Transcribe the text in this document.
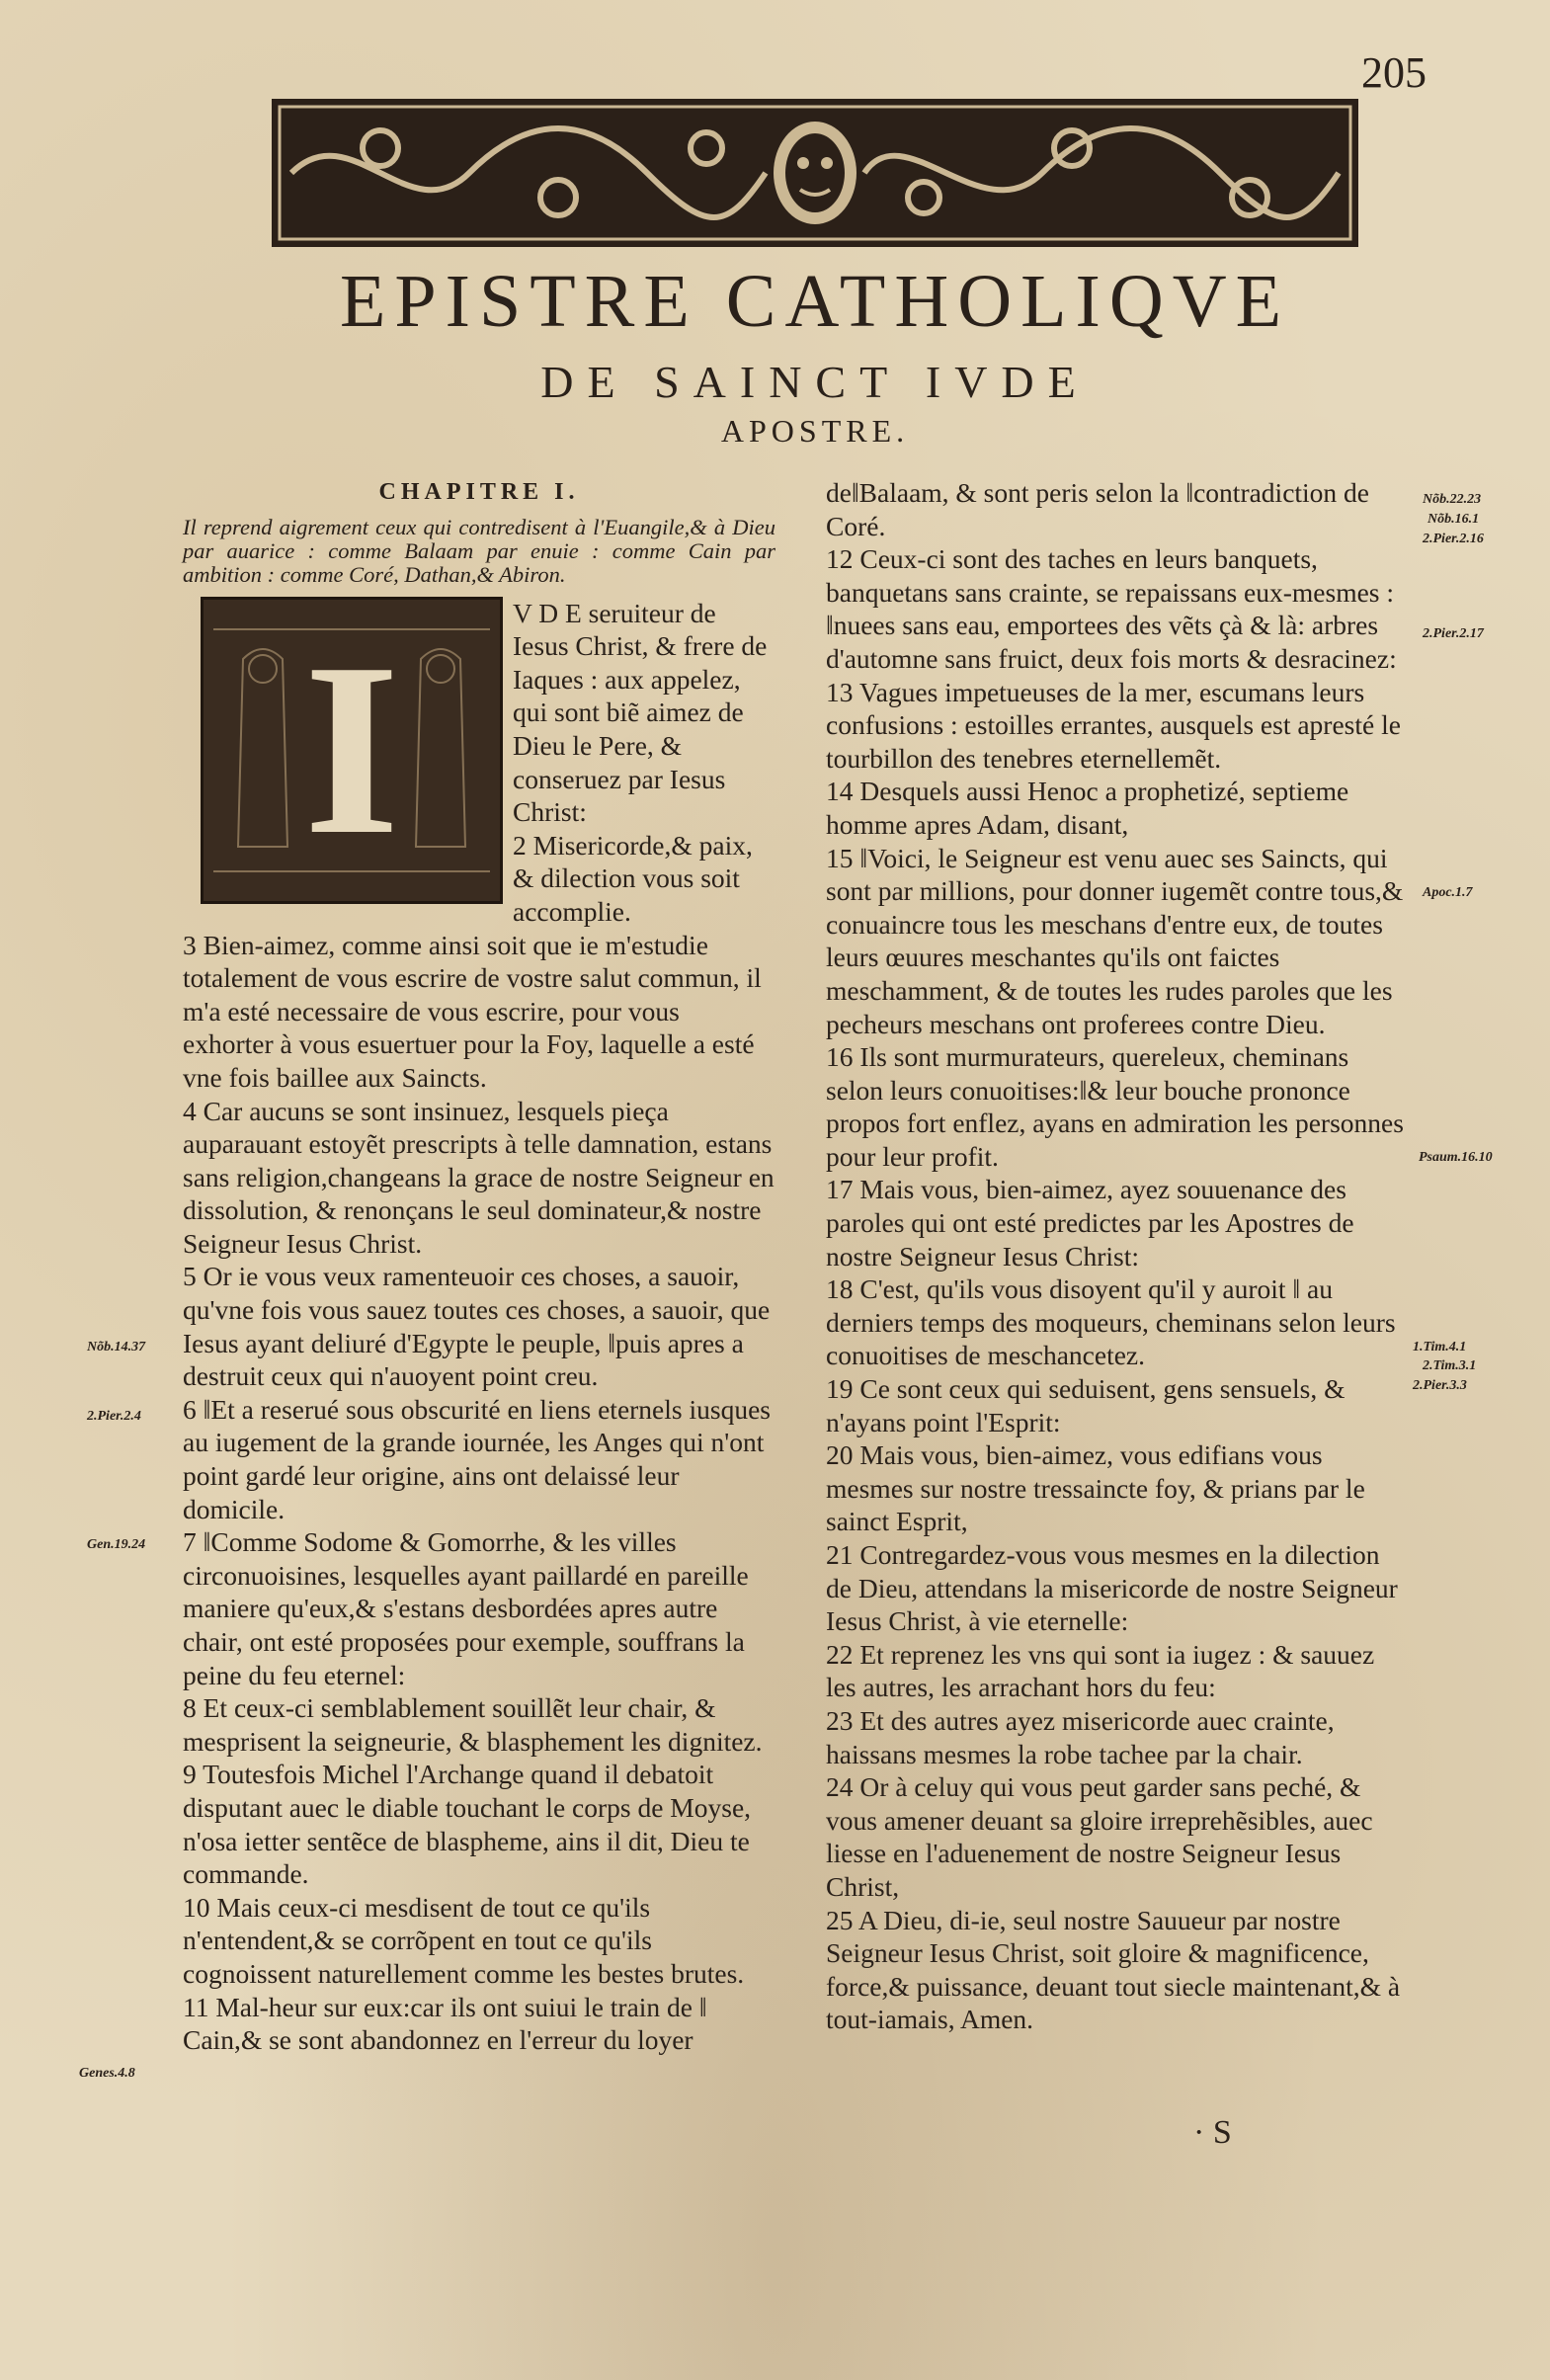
205
EPISTRE CATHOLIQVE
DE SAINCT IVDE
APOSTRE.

CHAPITRE I.

Il reprend aigrement ceux qui contredisent à l'Euangile,& à Dieu par auarice : comme Balaam par enuie : comme Cain par ambition : comme Coré, Dathan,& Abiron.

I	V D E seruiteur de Iesus Christ, & frere de Iaques : aux appelez, qui sont biẽ aimez de Dieu le Pere, & conseruez par Iesus Christ:

2 Misericorde,& paix, & dilection vous soit accomplie.

3 Bien-aimez, comme ainsi soit que ie m'estudie totalement de vous escrire de vostre salut commun, il m'a esté necessaire de vous escrire, pour vous exhorter à vous esuertuer pour la Foy, laquelle a esté vne fois baillee aux Saincts.

4 Car aucuns se sont insinuez, lesquels pieça auparauant estoyẽt prescripts à telle damnation, estans sans religion,changeans la grace de nostre Seigneur en dissolution, & renonçans le seul dominateur,& nostre Seigneur Iesus Christ.

5 Or ie vous veux ramenteuoir ces choses, a sauoir, qu'vne fois vous sauez toutes ces choses, a sauoir, que Iesus ayant deliuré d'Egypte le peuple, ‖puis apres a destruit ceux qui n'auoyent point creu.

6 ‖Et a reserué sous obscurité en liens eternels iusques au iugement de la grande iournée, les Anges qui n'ont point gardé leur origine, ains ont delaissé leur domicile.

7 ‖Comme Sodome & Gomorrhe, & les villes circonuoisines, lesquelles ayant paillardé en pareille maniere qu'eux,& s'estans desbordées apres autre chair, ont esté proposées pour exemple, souffrans la peine du feu eternel:

8 Et ceux-ci semblablement souillẽt leur chair, & mesprisent la seigneurie, & blasphement les dignitez.

9 Toutesfois Michel l'Archange quand il debatoit disputant auec le diable touchant le corps de Moyse, n'osa ietter sentẽce de blaspheme, ains il dit, Dieu te commande.

10 Mais ceux-ci mesdisent de tout ce qu'ils n'entendent,& se corrõpent en tout ce qu'ils cognoissent naturellement comme les bestes brutes.

11 Mal-heur sur eux:car ils ont suiui le train de ‖ Cain,& se sont abandonnez en l'erreur du loyer

de‖Balaam, & sont peris selon la ‖contradiction de Coré.

12 Ceux-ci sont des taches en leurs banquets, banquetans sans crainte, se repaissans eux-mesmes : ‖nuees sans eau, emportees des vẽts çà & là: arbres d'automne sans fruict, deux fois morts & desracinez:

13 Vagues impetueuses de la mer, escumans leurs confusions : estoilles errantes, ausquels est apresté le tourbillon des tenebres eternellemẽt.

14 Desquels aussi Henoc a prophetizé, septieme homme apres Adam, disant,

15 ‖Voici, le Seigneur est venu auec ses Saincts, qui sont par millions, pour donner iugemẽt contre tous,& conuaincre tous les meschans d'entre eux, de toutes leurs œuures meschantes qu'ils ont faictes meschamment, & de toutes les rudes paroles que les pecheurs meschans ont proferees contre Dieu.

16 Ils sont murmurateurs, quereleux, cheminans selon leurs conuoitises:‖& leur bouche prononce propos fort enflez, ayans en admiration les personnes pour leur profit.

17 Mais vous, bien-aimez, ayez souuenance des paroles qui ont esté predictes par les Apostres de nostre Seigneur Iesus Christ:

18 C'est, qu'ils vous disoyent qu'il y auroit ‖ au derniers temps des moqueurs, cheminans selon leurs conuoitises de meschancetez.

19 Ce sont ceux qui seduisent, gens sensuels, & n'ayans point l'Esprit:

20 Mais vous, bien-aimez, vous edifians vous mesmes sur nostre tressaincte foy, & prians par le sainct Esprit,

21 Contregardez-vous vous mesmes en la dilection de Dieu, attendans la misericorde de nostre Seigneur Iesus Christ, à vie eternelle:

22 Et reprenez les vns qui sont ia iugez : & sauuez les autres, les arrachant hors du feu:

23 Et des autres ayez misericorde auec crainte, haissans mesmes la robe tachee par la chair.

24 Or à celuy qui vous peut garder sans peché, & vous amener deuant sa gloire irreprehẽsibles, auec liesse en l'aduenement de nostre Seigneur Iesus Christ,

25 A Dieu, di-ie, seul nostre Sauueur par nostre Seigneur Iesus Christ, soit gloire & magnificence, force,& puissance, deuant tout siecle maintenant,& à tout-iamais, Amen.

Nõb.14.37
2.Pier.2.4
Gen.19.24
Genes.4.8
Nõb.22.23
Nõb.16.1
2.Pier.2.16
2.Pier.2.17
Apoc.1.7
Psaum.16.10
1.Tim.4.1
2.Tim.3.1
2.Pier.3.3
· S
